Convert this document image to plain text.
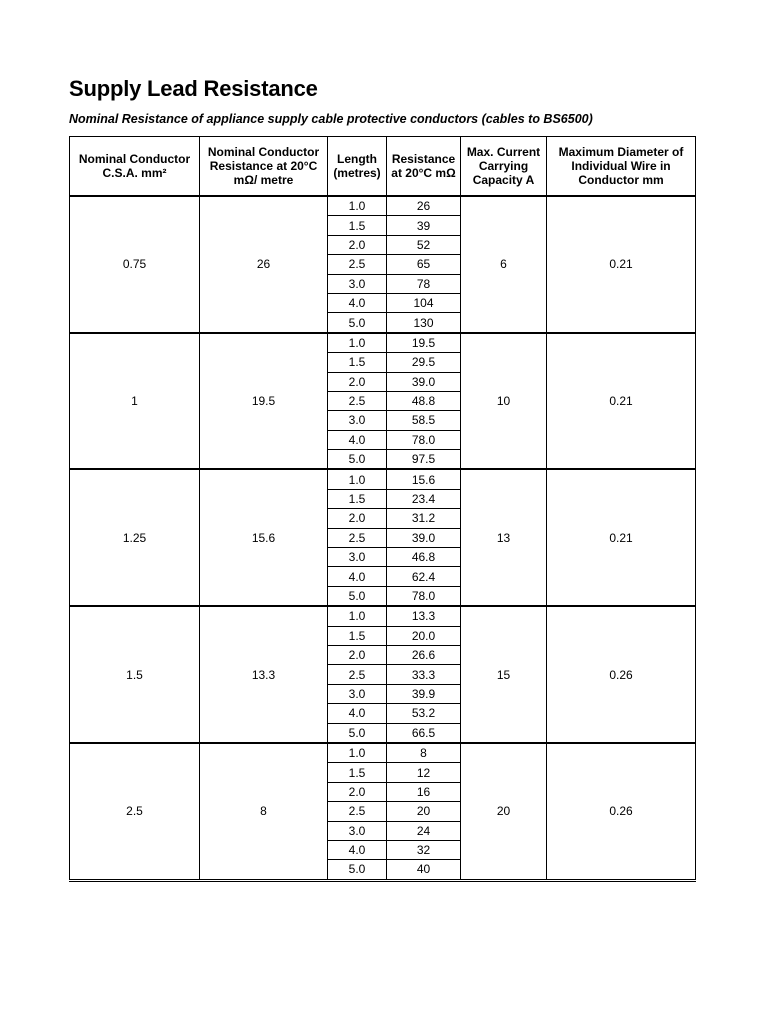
Supply Lead Resistance
Nominal Resistance of appliance supply cable protective conductors (cables to BS6500)
Nominal Conductor C.S.A. mm²	Nominal Conductor Resistance at 20°C mΩ/ metre	Length (metres)	Resistance at 20°C mΩ	Max. Current Carrying Capacity A	Maximum Diameter of Individual Wire in Conductor mm
0.75	26	1.0	26	6	0.21
		1.5	39		
		2.0	52		
		2.5	65		
		3.0	78		
		4.0	104		
		5.0	130		
1	19.5	1.0	19.5	10	0.21
		1.5	29.5		
		2.0	39.0		
		2.5	48.8		
		3.0	58.5		
		4.0	78.0		
		5.0	97.5		
1.25	15.6	1.0	15.6	13	0.21
		1.5	23.4		
		2.0	31.2		
		2.5	39.0		
		3.0	46.8		
		4.0	62.4		
		5.0	78.0		
1.5	13.3	1.0	13.3	15	0.26
		1.5	20.0		
		2.0	26.6		
		2.5	33.3		
		3.0	39.9		
		4.0	53.2		
		5.0	66.5		
2.5	8	1.0	8	20	0.26
		1.5	12		
		2.0	16		
		2.5	20		
		3.0	24		
		4.0	32		
		5.0	40		
